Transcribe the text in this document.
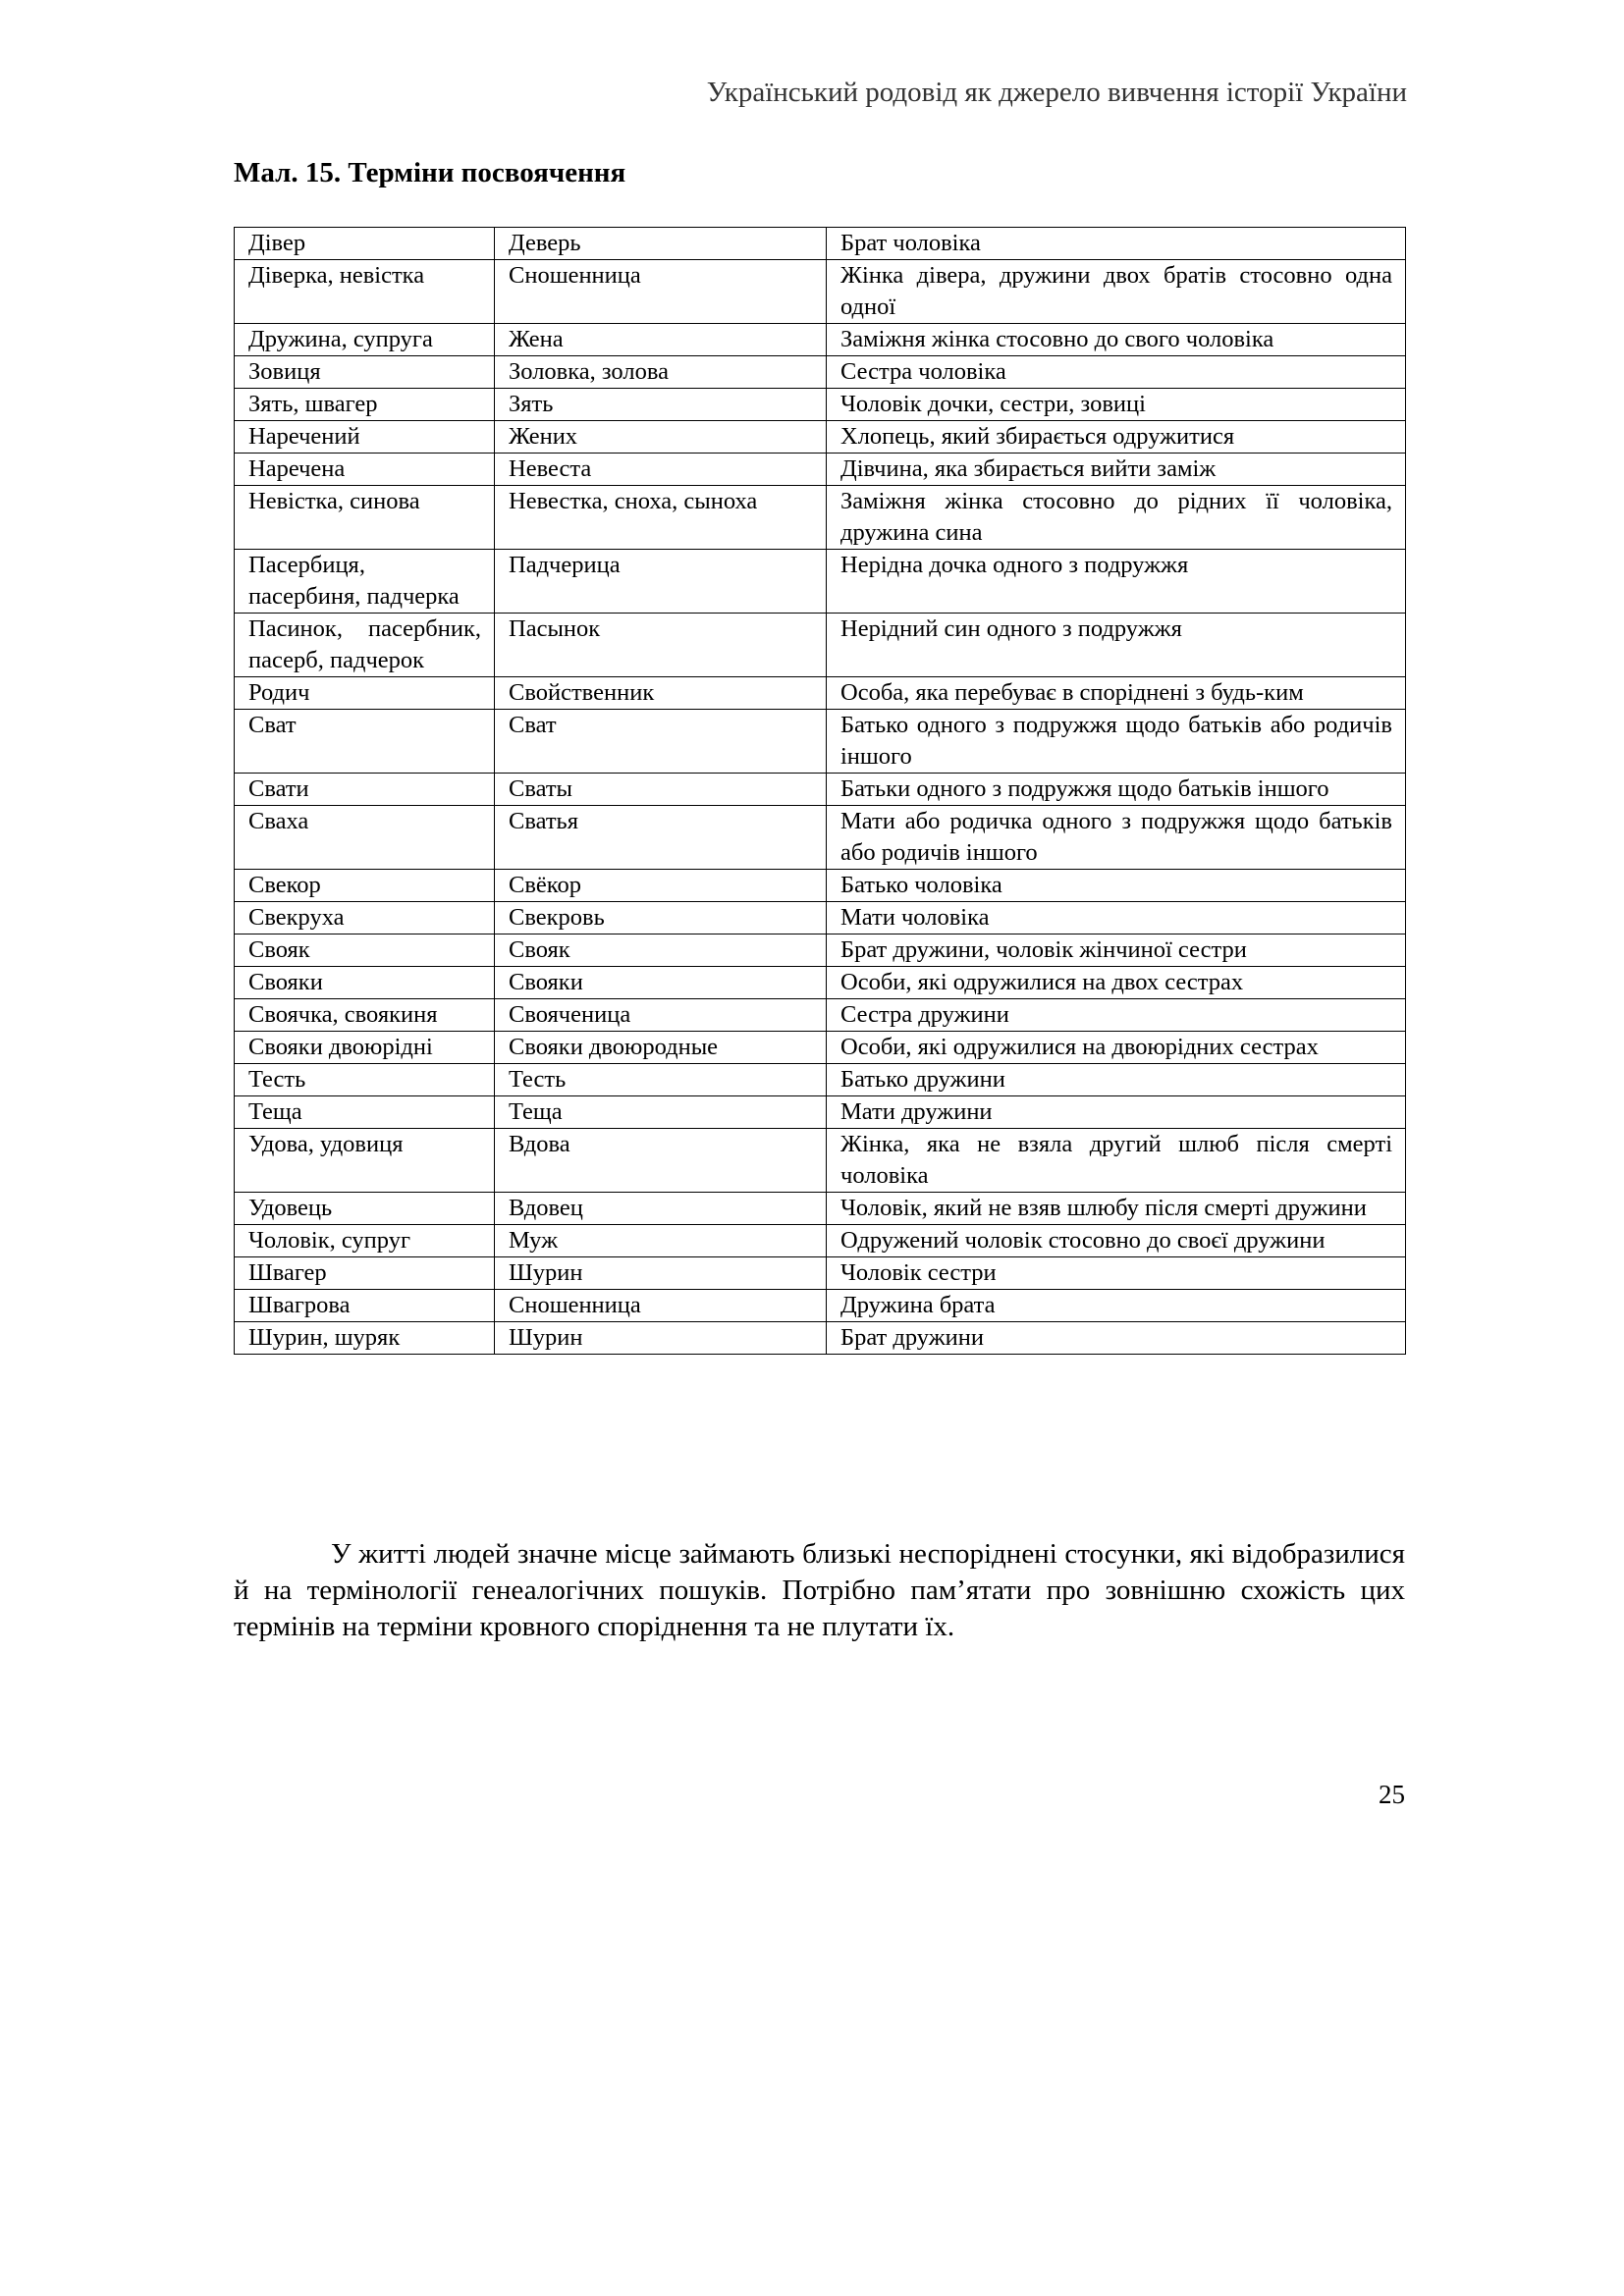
Український родовід як джерело вивчення історії України
Мал. 15. Терміни посвоячення
Дівер	Деверь	Брат чоловіка
Діверка, невістка	Сношенница	Жінка дівера, дружини двох братів стосовно одна одної
Дружина, супруга	Жена	Заміжня жінка стосовно до свого чоловіка
Зовиця	Золовка, золова	Сестра чоловіка
Зять, швагер	Зять	Чоловік дочки, сестри, зовиці
Наречений	Жених	Хлопець, який збирається одружитися
Наречена	Невеста	Дівчина, яка збирається вийти заміж
Невістка, синова	Невестка, сноха, сыноха	Заміжня жінка стосовно до рідних її чоловіка, дружина сина
Пасербиця, пасербиня, падчерка	Падчерица	Нерідна дочка одного з подружжя
Пасинок, пасербник, пасерб, падчерок	Пасынок	Нерідний син одного з подружжя
Родич	Свойственник	Особа, яка перебуває в споріднені з будь-ким
Сват	Сват	Батько одного з подружжя щодо батьків або родичів іншого
Свати	Сваты	Батьки одного з подружжя щодо батьків іншого
Сваха	Сватья	Мати або родичка одного з подружжя щодо батьків або родичів іншого
Свекор	Свёкор	Батько чоловіка
Свекруха	Свекровь	Мати чоловіка
Свояк	Свояк	Брат дружини, чоловік жінчиної сестри
Свояки	Свояки	Особи, які одружилися на двох сестрах
Своячка, своякиня	Свояченица	Сестра дружини
Свояки двоюрідні	Свояки двоюродные	Особи, які одружилися на двоюрідних сестрах
Тесть	Тесть	Батько дружини
Теща	Теща	Мати дружини
Удова, удовиця	Вдова	Жінка, яка не взяла другий шлюб після смерті чоловіка
Удовець	Вдовец	Чоловік, який не взяв шлюбу після смерті дружини
Чоловік, супруг	Муж	Одружений чоловік стосовно до своєї дружини
Швагер	Шурин	Чоловік сестри
Швагрова	Сношенница	Дружина брата
Шурин, шуряк	Шурин	Брат дружини

У житті людей значне місце займають близькі неспоріднені стосунки, які відобразилися й на термінології генеалогічних пошуків. Потрібно пам’ятати про зовнішню схожість цих термінів на терміни кровного споріднення та не плутати їх.

25
